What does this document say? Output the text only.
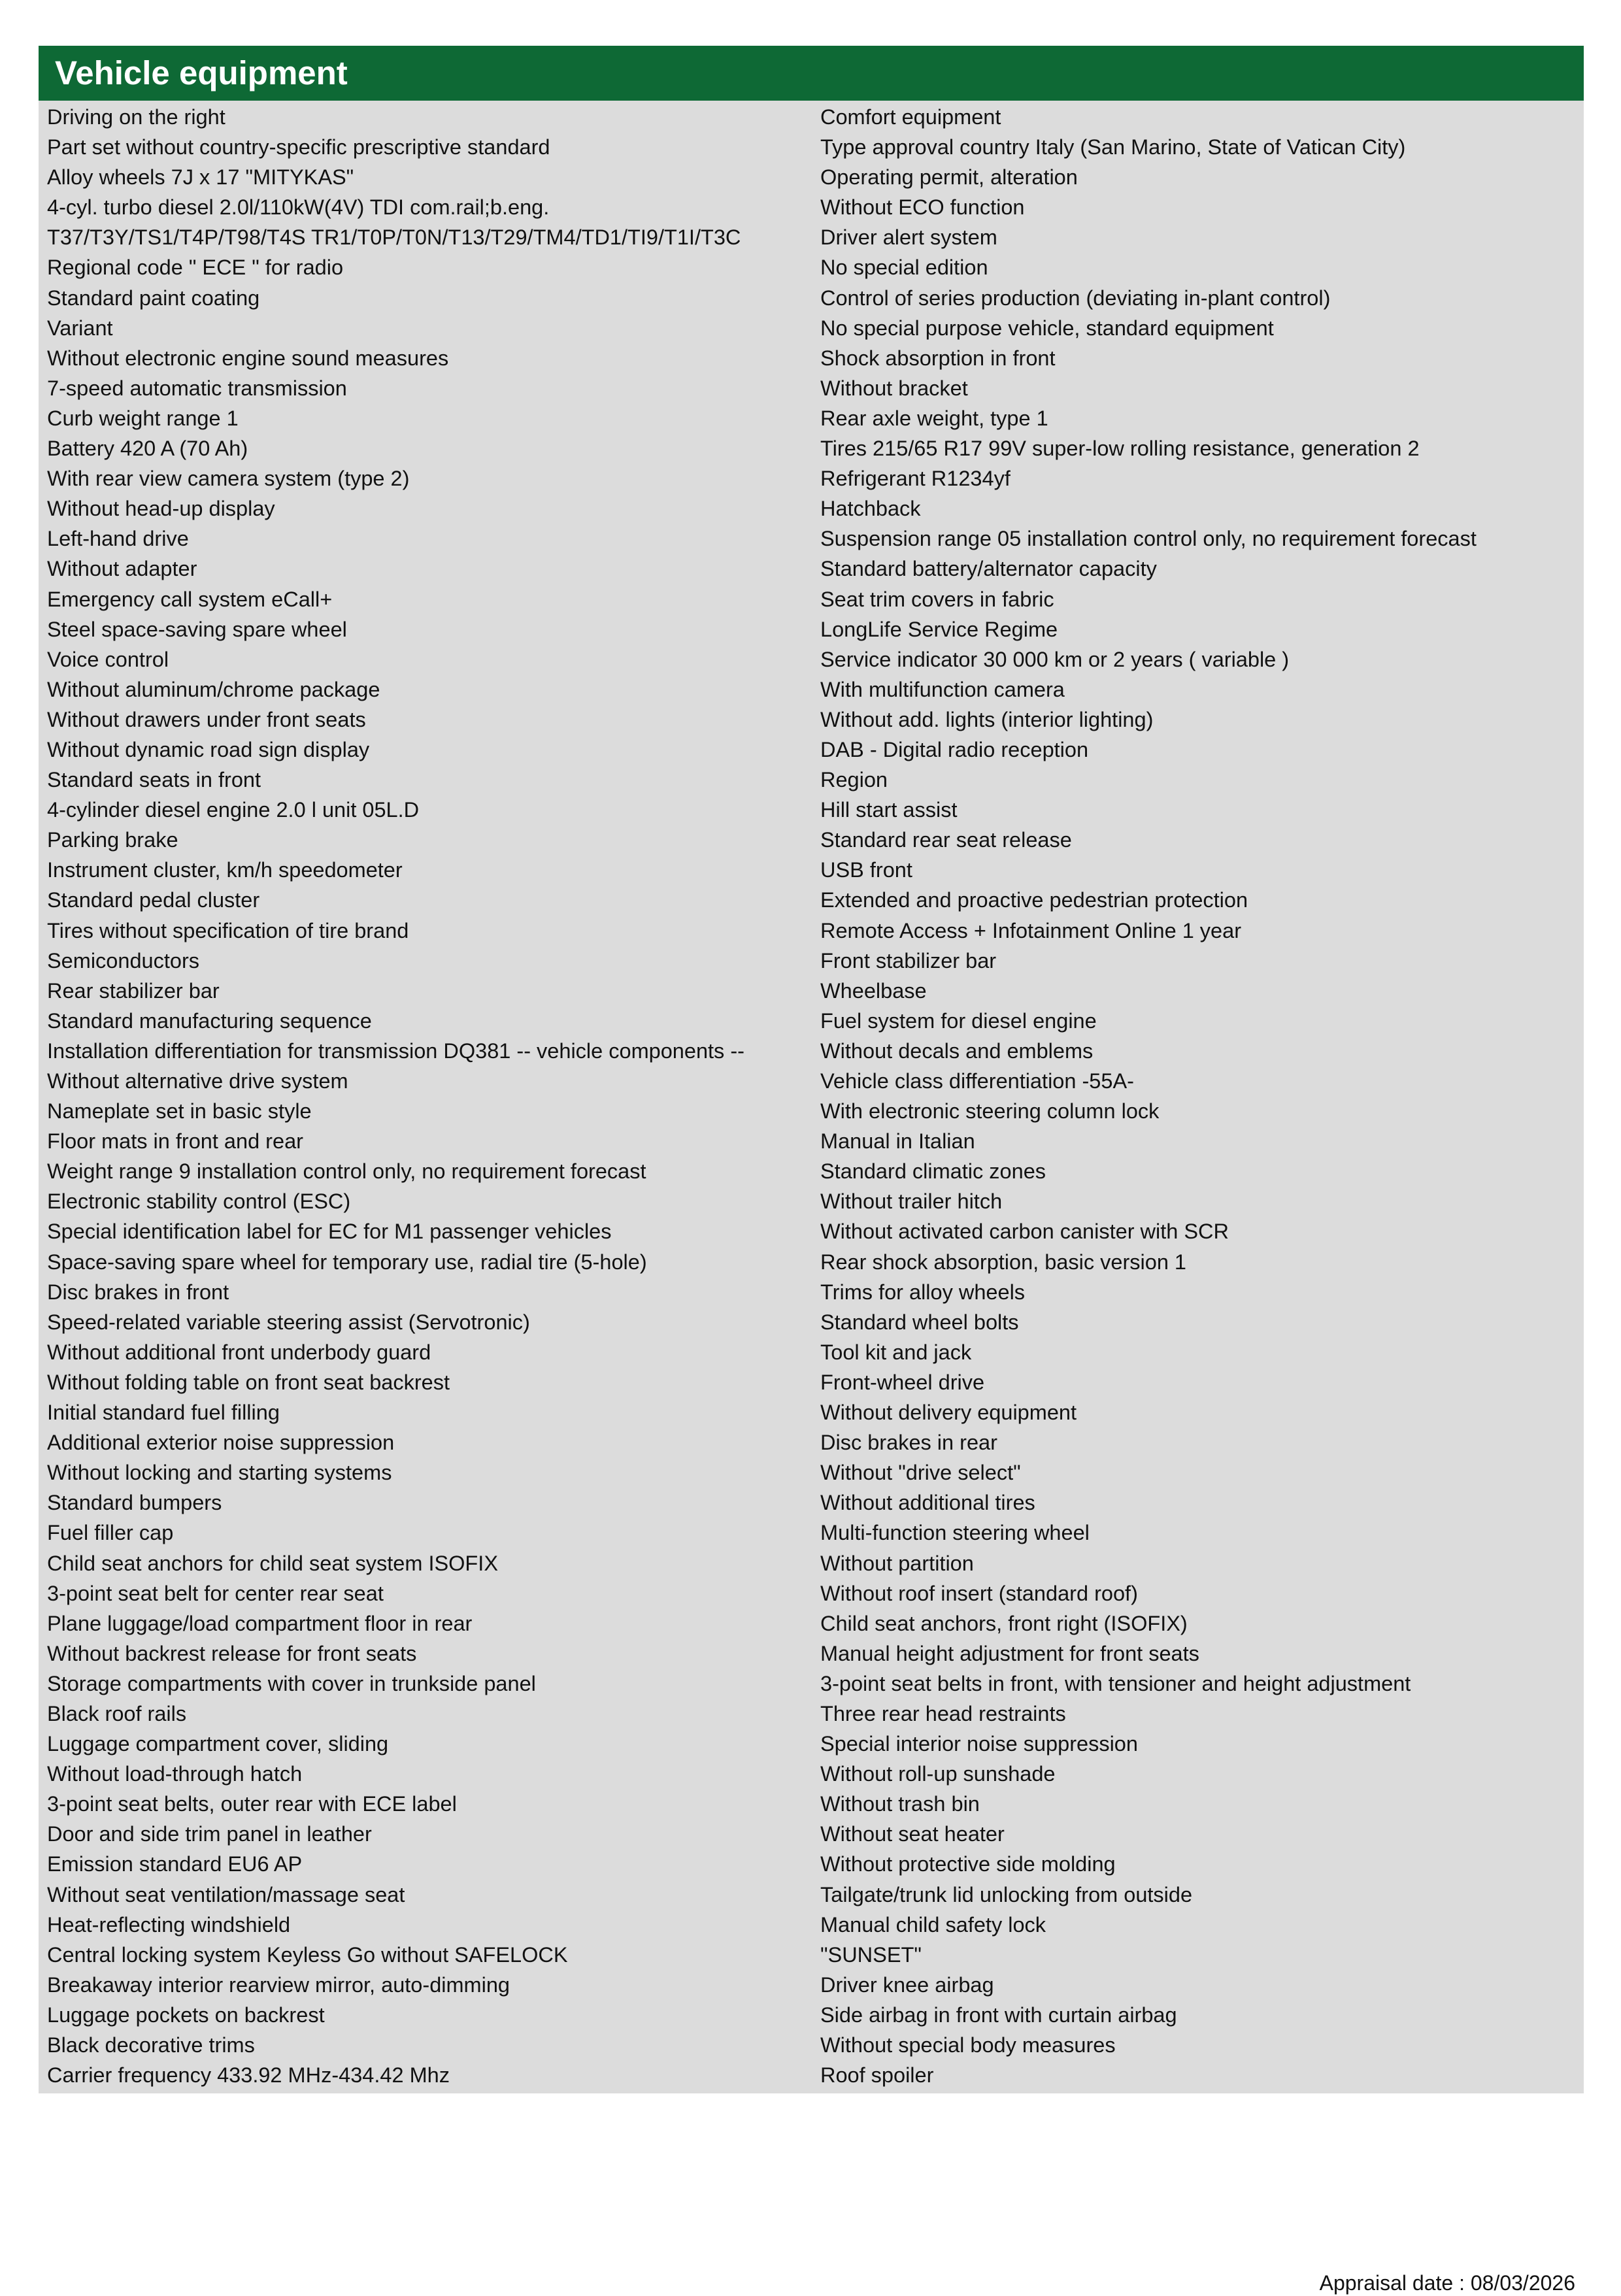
Vehicle equipment
Driving on the right
Part set without country-specific prescriptive standard
Alloy wheels 7J x 17 "MITYKAS"
4-cyl. turbo diesel 2.0l/110kW(4V) TDI com.rail;b.eng.
T37/T3Y/TS1/T4P/T98/T4S TR1/T0P/T0N/T13/T29/TM4/TD1/TI9/T1I/T3C
Regional code " ECE " for radio
Standard paint coating
Variant
Without electronic engine sound measures
7-speed automatic transmission
Curb weight range 1
Battery 420 A (70 Ah)
With rear view camera system (type 2)
Without head-up display
Left-hand drive
Without adapter
Emergency call system eCall+
Steel space-saving spare wheel
Voice control
Without aluminum/chrome package
Without drawers under front seats
Without dynamic road sign display
Standard seats in front
4-cylinder diesel engine 2.0 l unit 05L.D
Parking brake
Instrument cluster, km/h speedometer
Standard pedal cluster
Tires without specification of tire brand
Semiconductors
Rear stabilizer bar
Standard manufacturing sequence
Installation differentiation for transmission DQ381 -- vehicle components --
Without alternative drive system
Nameplate set in basic style
Floor mats in front and rear
Weight range 9 installation control only, no requirement forecast
Electronic stability control (ESC)
Special identification label for EC for M1 passenger vehicles
Space-saving spare wheel for temporary use, radial tire (5-hole)
Disc brakes in front
Speed-related variable steering assist (Servotronic)
Without additional front underbody guard
Without folding table on front seat backrest
Initial standard fuel filling
Additional exterior noise suppression
Without locking and starting systems
Standard bumpers
Fuel filler cap
Child seat anchors for child seat system ISOFIX
3-point seat belt for center rear seat
Plane luggage/load compartment floor in rear
Without backrest release for front seats
Storage compartments with cover in trunkside panel
Black roof rails
Luggage compartment cover, sliding
Without load-through hatch
3-point seat belts, outer rear with ECE label
Door and side trim panel in leather
Emission standard EU6 AP
Without seat ventilation/massage seat
Heat-reflecting windshield
Central locking system Keyless Go without SAFELOCK
Breakaway interior rearview mirror, auto-dimming
Luggage pockets on backrest
Black decorative trims
Carrier frequency 433.92 MHz-434.42 Mhz
Comfort equipment
Type approval country Italy (San Marino, State of Vatican City)
Operating permit, alteration
Without ECO function
Driver alert system
No special edition
Control of series production (deviating in-plant control)
No special purpose vehicle, standard equipment
Shock absorption in front
Without bracket
Rear axle weight, type 1
Tires 215/65 R17 99V super-low rolling resistance, generation 2
Refrigerant R1234yf
Hatchback
Suspension range 05 installation control only, no requirement forecast
Standard battery/alternator capacity
Seat trim covers in fabric
LongLife Service Regime
Service indicator 30 000 km or 2 years ( variable )
With multifunction camera
Without add. lights (interior lighting)
DAB - Digital radio reception
Region
Hill start assist
Standard rear seat release
USB front
Extended and proactive pedestrian protection
Remote Access + Infotainment Online 1 year
Front stabilizer bar
Wheelbase
Fuel system for diesel engine
Without decals and emblems
Vehicle class differentiation -55A-
With electronic steering column lock
Manual in Italian
Standard climatic zones
Without trailer hitch
Without activated carbon canister with SCR
Rear shock absorption, basic version 1
Trims for alloy wheels
Standard wheel bolts
Tool kit and jack
Front-wheel drive
Without delivery equipment
Disc brakes in rear
Without "drive select"
Without additional tires
Multi-function steering wheel
Without partition
Without roof insert (standard roof)
Child seat anchors, front right (ISOFIX)
Manual height adjustment for front seats
3-point seat belts in front, with tensioner and height adjustment
Three rear head restraints
Special interior noise suppression
Without roll-up sunshade
Without trash bin
Without seat heater
Without protective side molding
Tailgate/trunk lid unlocking from outside
Manual child safety lock
"SUNSET"
Driver knee airbag
Side airbag in front with curtain airbag
Without special body measures
Roof spoiler
Appraisal date : 08/03/2026
